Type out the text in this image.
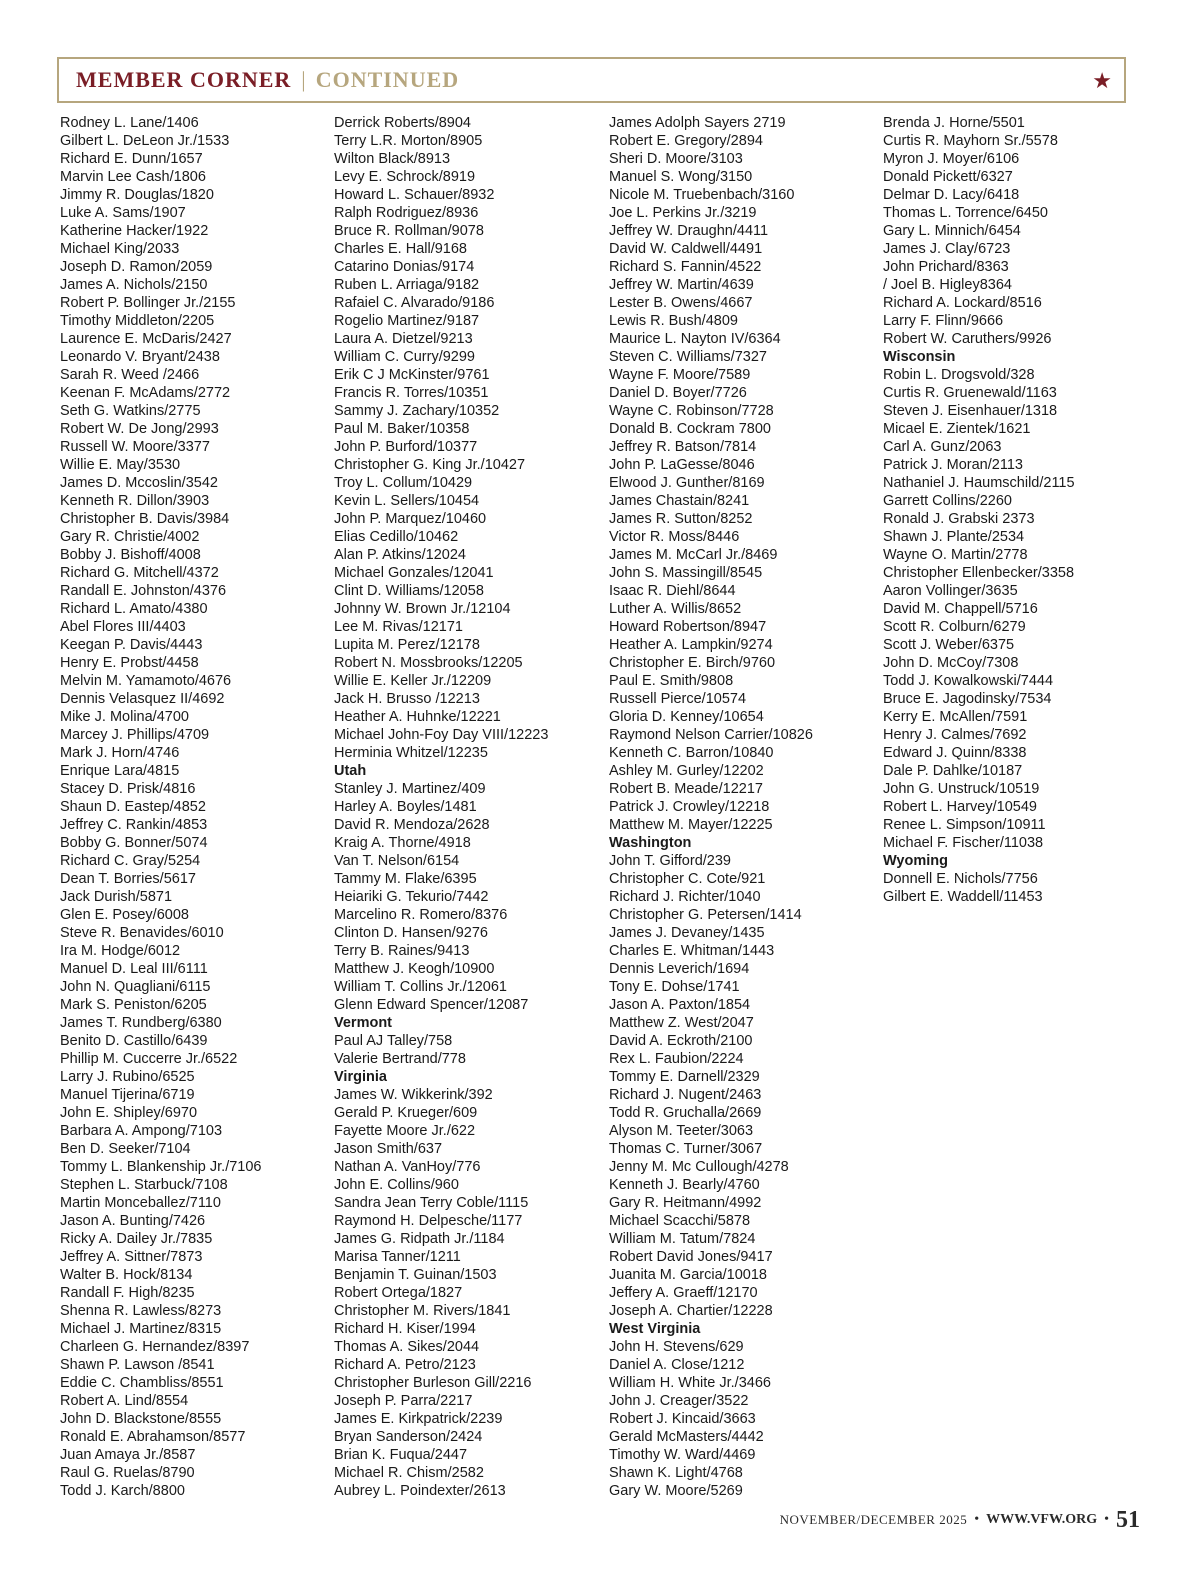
MEMBER CORNER | CONTINUED	★
Rodney L. Lane/1406
Gilbert L. DeLeon Jr./1533
Richard E. Dunn/1657
Marvin Lee Cash/1806
Jimmy R. Douglas/1820
Luke A. Sams/1907
Katherine Hacker/1922
Michael King/2033
Joseph D. Ramon/2059
James A. Nichols/2150
Robert P. Bollinger Jr./2155
Timothy Middleton/2205
Laurence E. McDaris/2427
Leonardo V. Bryant/2438
Sarah R. Weed /2466
Keenan F. McAdams/2772
Seth G. Watkins/2775
Robert W. De Jong/2993
Russell W. Moore/3377
Willie E. May/3530
James D. Mccoslin/3542
Kenneth R. Dillon/3903
Christopher B. Davis/3984
Gary R. Christie/4002
Bobby J. Bishoff/4008
Richard G. Mitchell/4372
Randall E. Johnston/4376
Richard L. Amato/4380
Abel Flores III/4403
Keegan P. Davis/4443
Henry E. Probst/4458
Melvin M. Yamamoto/4676
Dennis Velasquez II/4692
Mike J. Molina/4700
Marcey J. Phillips/4709
Mark J. Horn/4746
Enrique Lara/4815
Stacey D. Prisk/4816
Shaun D. Eastep/4852
Jeffrey C. Rankin/4853
Bobby G. Bonner/5074
Richard C. Gray/5254
Dean T. Borries/5617
Jack Durish/5871
Glen E. Posey/6008
Steve R. Benavides/6010
Ira M. Hodge/6012
Manuel D. Leal III/6111
John N. Quagliani/6115
Mark S. Peniston/6205
James T. Rundberg/6380
Benito D. Castillo/6439
Phillip M. Cuccerre Jr./6522
Larry J. Rubino/6525
Manuel Tijerina/6719
John E. Shipley/6970
Barbara A. Ampong/7103
Ben D. Seeker/7104
Tommy L. Blankenship Jr./7106
Stephen L. Starbuck/7108
Martin Monceballez/7110
Jason A. Bunting/7426
Ricky A. Dailey Jr./7835
Jeffrey A. Sittner/7873
Walter B. Hock/8134
Randall F. High/8235
Shenna R. Lawless/8273
Michael J. Martinez/8315
Charleen G. Hernandez/8397
Shawn P. Lawson /8541
Eddie C. Chambliss/8551
Robert A. Lind/8554
John D. Blackstone/8555
Ronald E. Abrahamson/8577
Juan Amaya Jr./8587
Raul G. Ruelas/8790
Todd J. Karch/8800
Derrick Roberts/8904
Terry L.R. Morton/8905
Wilton Black/8913
Levy E. Schrock/8919
Howard L. Schauer/8932
Ralph Rodriguez/8936
Bruce R. Rollman/9078
Charles E. Hall/9168
Catarino Donias/9174
Ruben L. Arriaga/9182
Rafaiel C. Alvarado/9186
Rogelio Martinez/9187
Laura A. Dietzel/9213
William C. Curry/9299
Erik C J McKinster/9761
Francis R. Torres/10351
Sammy J. Zachary/10352
Paul M. Baker/10358
John P. Burford/10377
Christopher G. King Jr./10427
Troy L. Collum/10429
Kevin L. Sellers/10454
John P. Marquez/10460
Elias Cedillo/10462
Alan P. Atkins/12024
Michael Gonzales/12041
Clint D. Williams/12058
Johnny W. Brown Jr./12104
Lee M. Rivas/12171
Lupita M. Perez/12178
Robert N. Mossbrooks/12205
Willie E. Keller Jr./12209
Jack H. Brusso /12213
Heather A. Huhnke/12221
Michael John-Foy Day VIII/12223
Herminia Whitzel/12235
Utah
Stanley J. Martinez/409
Harley A. Boyles/1481
David R. Mendoza/2628
Kraig A. Thorne/4918
Van T. Nelson/6154
Tammy M. Flake/6395
Heiariki G. Tekurio/7442
Marcelino R. Romero/8376
Clinton D. Hansen/9276
Terry B. Raines/9413
Matthew J. Keogh/10900
William T. Collins Jr./12061
Glenn Edward Spencer/12087
Vermont
Paul AJ Talley/758
Valerie Bertrand/778
Virginia
James W. Wikkerink/392
Gerald P. Krueger/609
Fayette Moore Jr./622
Jason Smith/637
Nathan A. VanHoy/776
John E. Collins/960
Sandra Jean Terry Coble/1115
Raymond H. Delpesche/1177
James G. Ridpath Jr./1184
Marisa Tanner/1211
Benjamin T. Guinan/1503
Robert Ortega/1827
Christopher M. Rivers/1841
Richard H. Kiser/1994
Thomas A. Sikes/2044
Richard A. Petro/2123
Christopher Burleson Gill/2216
Joseph P. Parra/2217
James E. Kirkpatrick/2239
Bryan Sanderson/2424
Brian K. Fuqua/2447
Michael R. Chism/2582
Aubrey L. Poindexter/2613
James Adolph Sayers 2719
Robert E. Gregory/2894
Sheri D. Moore/3103
Manuel S. Wong/3150
Nicole M. Truebenbach/3160
Joe L. Perkins Jr./3219
Jeffrey W. Draughn/4411
David W. Caldwell/4491
Richard S. Fannin/4522
Jeffrey W. Martin/4639
Lester B. Owens/4667
Lewis R. Bush/4809
Maurice L. Nayton IV/6364
Steven C. Williams/7327
Wayne F. Moore/7589
Daniel D. Boyer/7726
Wayne C. Robinson/7728
Donald B. Cockram 7800
Jeffrey R. Batson/7814
John P. LaGesse/8046
Elwood J. Gunther/8169
James Chastain/8241
James R. Sutton/8252
Victor R. Moss/8446
James M. McCarl Jr./8469
John S. Massingill/8545
Isaac R. Diehl/8644
Luther A. Willis/8652
Howard Robertson/8947
Heather A. Lampkin/9274
Christopher E. Birch/9760
Paul E. Smith/9808
Russell Pierce/10574
Gloria D. Kenney/10654
Raymond Nelson Carrier/10826
Kenneth C. Barron/10840
Ashley M. Gurley/12202
Robert B. Meade/12217
Patrick J. Crowley/12218
Matthew M. Mayer/12225
Washington
John T. Gifford/239
Christopher C. Cote/921
Richard J. Richter/1040
Christopher G. Petersen/1414
James J. Devaney/1435
Charles E. Whitman/1443
Dennis Leverich/1694
Tony E. Dohse/1741
Jason A. Paxton/1854
Matthew Z. West/2047
David A. Eckroth/2100
Rex L. Faubion/2224
Tommy E. Darnell/2329
Richard J. Nugent/2463
Todd R. Gruchalla/2669
Alyson M. Teeter/3063
Thomas C. Turner/3067
Jenny M. Mc Cullough/4278
Kenneth J. Bearly/4760
Gary R. Heitmann/4992
Michael Scacchi/5878
William M. Tatum/7824
Robert David Jones/9417
Juanita M. Garcia/10018
Jeffery A. Graeff/12170
Joseph A. Chartier/12228
West Virginia
John H. Stevens/629
Daniel A. Close/1212
William H. White Jr./3466
John J. Creager/3522
Robert J. Kincaid/3663
Gerald McMasters/4442
Timothy W. Ward/4469
Shawn K. Light/4768
Gary W. Moore/5269
Brenda J. Horne/5501
Curtis R. Mayhorn Sr./5578
Myron J. Moyer/6106
Donald Pickett/6327
Delmar D. Lacy/6418
Thomas L. Torrence/6450
Gary L. Minnich/6454
James J. Clay/6723
John Prichard/8363
/ Joel B. Higley8364
Richard A. Lockard/8516
Larry F. Flinn/9666
Robert W. Caruthers/9926
Wisconsin
Robin L. Drogsvold/328
Curtis R. Gruenewald/1163
Steven J. Eisenhauer/1318
Micael E. Zientek/1621
Carl A. Gunz/2063
Patrick J. Moran/2113
Nathaniel J. Haumschild/2115
Garrett Collins/2260
Ronald J. Grabski 2373
Shawn J. Plante/2534
Wayne O. Martin/2778
Christopher Ellenbecker/3358
Aaron Vollinger/3635
David M. Chappell/5716
Scott R. Colburn/6279
Scott J. Weber/6375
John D. McCoy/7308
Todd J. Kowalkowski/7444
Bruce E. Jagodinsky/7534
Kerry E. McAllen/7591
Henry J. Calmes/7692
Edward J. Quinn/8338
Dale P. Dahlke/10187
John G. Unstruck/10519
Robert L. Harvey/10549
Renee L. Simpson/10911
Michael F. Fischer/11038
Wyoming
Donnell E. Nichols/7756
Gilbert E. Waddell/11453
NOVEMBER/DECEMBER 2025 • WWW.VFW.ORG • 51
